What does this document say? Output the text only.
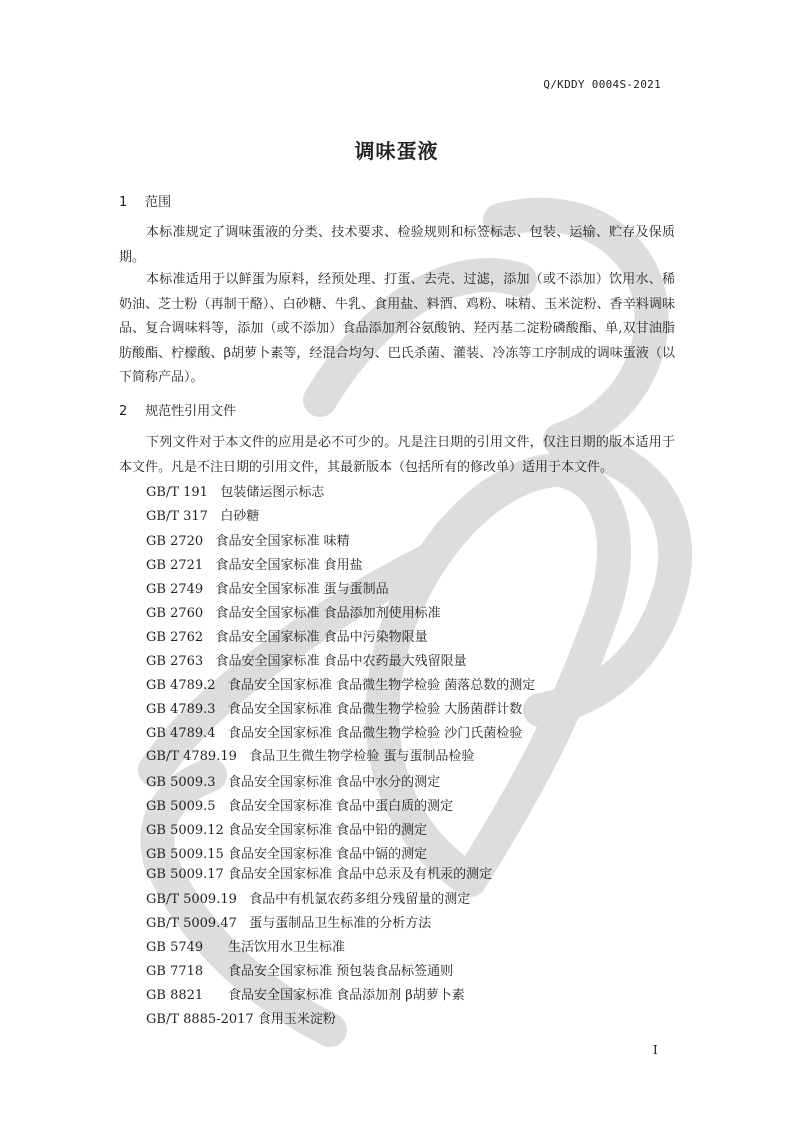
Q/KDDY 0004S-2021
调味蛋液
1 范围

本标准规定了调味蛋液的分类、技术要求、检验规则和标签标志、包装、运输、贮存及保质期。

本标准适用于以鲜蛋为原料，经预处理、打蛋、去壳、过滤，添加（或不添加）饮用水、稀奶油、芝士粉（再制干酪）、白砂糖、牛乳、食用盐、料酒、鸡粉、味精、玉米淀粉、香辛料调味品、复合调味料等，添加（或不添加）食品添加剂谷氨酸钠、羟丙基二淀粉磷酸酯、单,双甘油脂肪酸酯、柠檬酸、β胡萝卜素等，经混合均匀、巴氏杀菌、灌装、冷冻等工序制成的调味蛋液（以下简称产品）。

2 规范性引用文件

下列文件对于本文件的应用是必不可少的。凡是注日期的引用文件，仅注日期的版本适用于本文件。凡是不注日期的引用文件，其最新版本（包括所有的修改单）适用于本文件。

GB/T 191   包装储运图示标志
GB/T 317   白砂糖
GB 2720   食品安全国家标准 味精
GB 2721   食品安全国家标准 食用盐
GB 2749   食品安全国家标准 蛋与蛋制品
GB 2760   食品安全国家标准 食品添加剂使用标准
GB 2762   食品安全国家标准 食品中污染物限量
GB 2763   食品安全国家标准 食品中农药最大残留限量
GB 4789.2   食品安全国家标准 食品微生物学检验 菌落总数的测定
GB 4789.3   食品安全国家标准 食品微生物学检验 大肠菌群计数
GB 4789.4   食品安全国家标准 食品微生物学检验 沙门氏菌检验
GB/T 4789.19   食品卫生微生物学检验 蛋与蛋制品检验
GB 5009.3   食品安全国家标准 食品中水分的测定
GB 5009.5   食品安全国家标准 食品中蛋白质的测定
GB 5009.12 食品安全国家标准 食品中铅的测定
GB 5009.15 食品安全国家标准 食品中镉的测定
GB 5009.17 食品安全国家标准 食品中总汞及有机汞的测定
GB/T 5009.19   食品中有机氯农药多组分残留量的测定
GB/T 5009.47   蛋与蛋制品卫生标准的分析方法
GB 5749      生活饮用水卫生标准
GB 7718      食品安全国家标准 预包装食品标签通则
GB 8821      食品安全国家标准 食品添加剂 β胡萝卜素
GB/T 8885-2017 食用玉米淀粉
I
